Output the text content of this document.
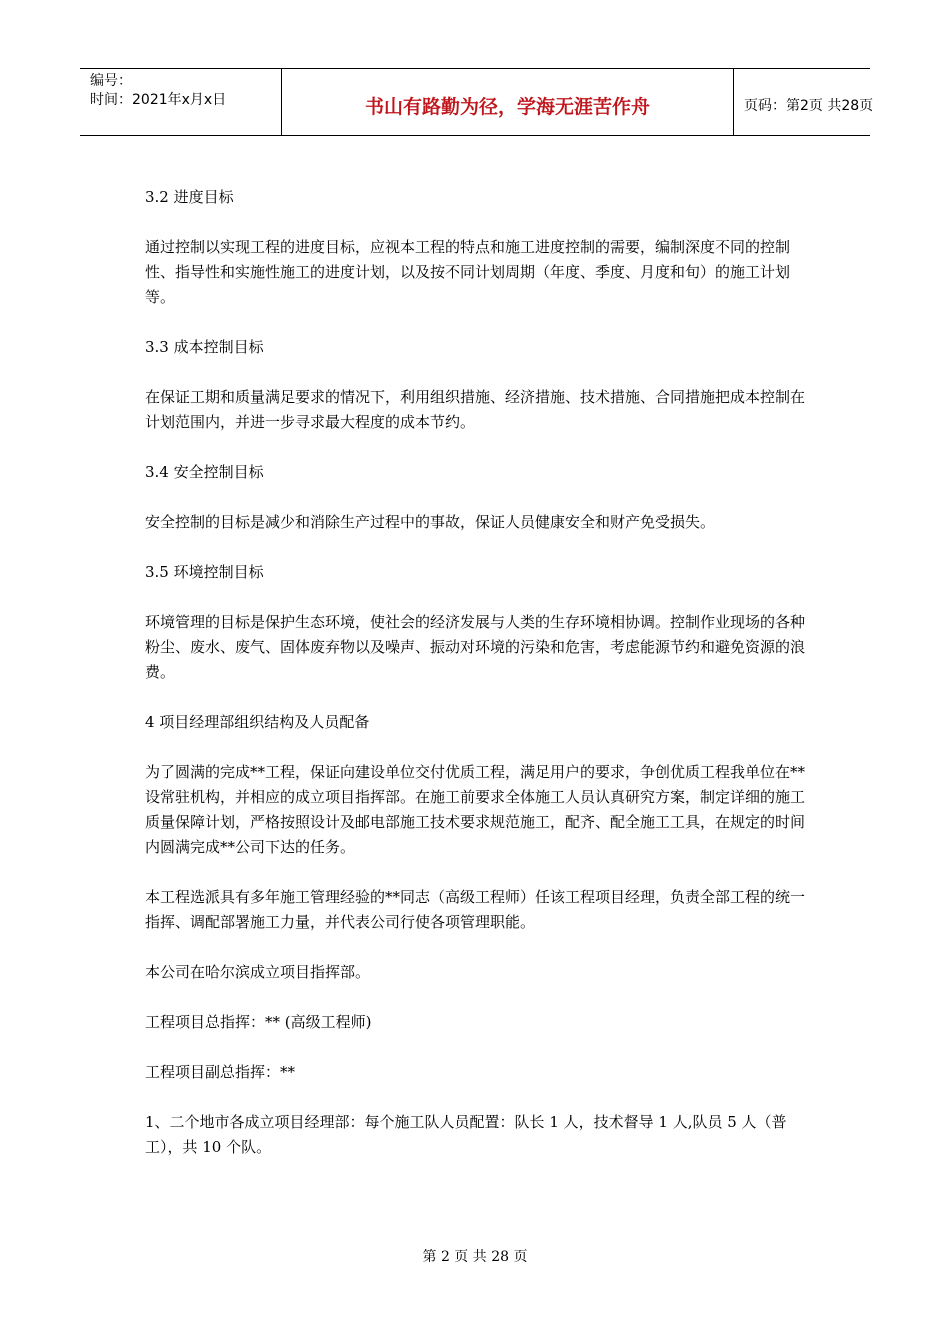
编号：
时间：2021年x月x日	书山有路勤为径，学海无涯苦作舟	页码：第2页 共28页

3.2 进度目标

通过控制以实现工程的进度目标，应视本工程的特点和施工进度控制的需要，编制深度不同的控制性、指导性和实施性施工的进度计划，以及按不同计划周期（年度、季度、月度和旬）的施工计划等。

3.3 成本控制目标

在保证工期和质量满足要求的情况下，利用组织措施、经济措施、技术措施、合同措施把成本控制在计划范围内，并进一步寻求最大程度的成本节约。

3.4 安全控制目标

安全控制的目标是减少和消除生产过程中的事故，保证人员健康安全和财产免受损失。

3.5 环境控制目标

环境管理的目标是保护生态环境，使社会的经济发展与人类的生存环境相协调。控制作业现场的各种粉尘、废水、废气、固体废弃物以及噪声、振动对环境的污染和危害，考虑能源节约和避免资源的浪费。

4 项目经理部组织结构及人员配备

为了圆满的完成**工程，保证向建设单位交付优质工程，满足用户的要求，争创优质工程我单位在**设常驻机构，并相应的成立项目指挥部。在施工前要求全体施工人员认真研究方案，制定详细的施工质量保障计划，严格按照设计及邮电部施工技术要求规范施工，配齐、配全施工工具，在规定的时间内圆满完成**公司下达的任务。

本工程选派具有多年施工管理经验的**同志（高级工程师）任该工程项目经理，负责全部工程的统一指挥、调配部署施工力量，并代表公司行使各项管理职能。

本公司在哈尔滨成立项目指挥部。

工程项目总指挥：** (高级工程师)

工程项目副总指挥：**

1、二个地市各成立项目经理部：每个施工队人员配置：队长 1 人，技术督导 1 人,队员 5 人（普工），共 10 个队。

第 2 页 共 28 页
